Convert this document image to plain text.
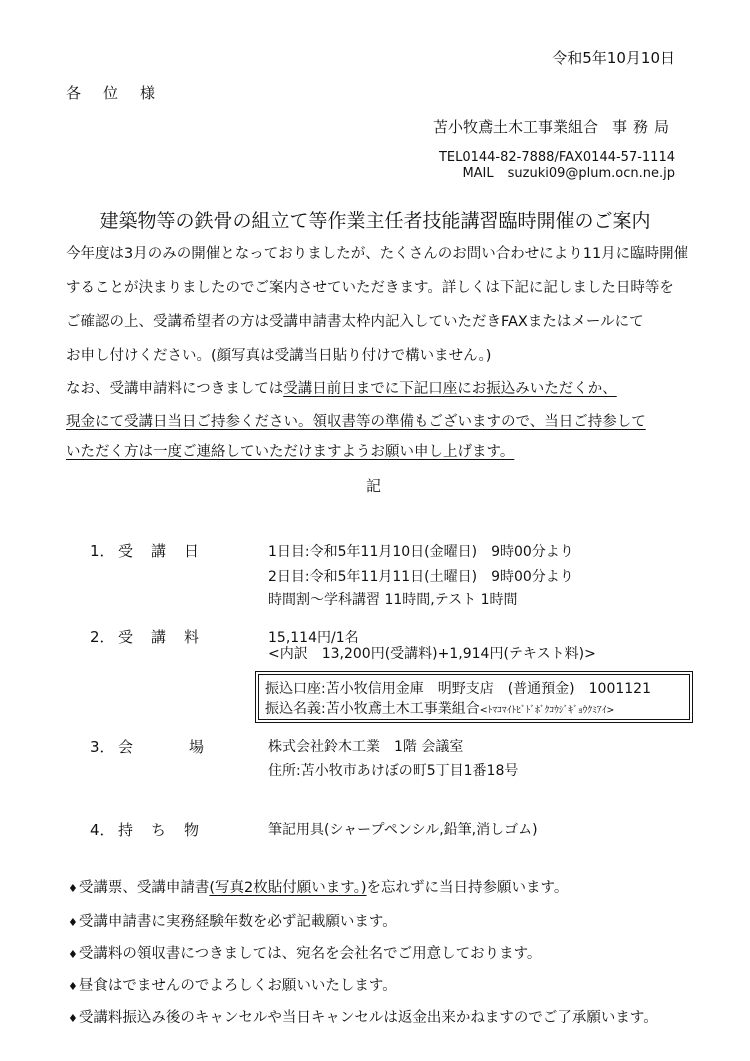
令和5年10月10日
各位様
苫小牧鳶土木工事業組合 事務局
TEL0144-82-7888/FAX0144-57-1114
MAIL suzuki09@plum.ocn.ne.jp
建築物等の鉄骨の組立て等作業主任者技能講習臨時開催のご案内
今年度は3月のみの開催となっておりましたが、たくさんのお問い合わせにより11月に臨時開催
することが決まりましたのでご案内させていただきます。詳しくは下記に記しました日時等を
ご確認の上、受講希望者の方は受講申請書太枠内記入していただきFAXまたはメールにて
お申し付けください。(顔写真は受講当日貼り付けで構いません。)
なお、受講申請料につきましては受講日前日までに下記口座にお振込みいただくか、
現金にて受講日当日ご持参ください。領収書等の準備もございますので、当日ご持参して
いただく方は一度ご連絡していただけますようお願い申し上げます。
記
1． 受講日	1日目:令和5年11月10日(金曜日)　9時00分より
2日目:令和5年11月11日(土曜日)　9時00分より
時間割～学科講習 11時間,テスト 1時間
2． 受講料	15,114円/1名
<内訳　13,200円(受講料)+1,914円(テキスト料)>
振込口座:苫小牧信用金庫　明野支店　(普通預金)　1001121
振込名義:苫小牧鳶土木工事業組合<ﾄﾏｺﾏｲﾄﾋﾞﾄﾞﾎﾞｸｺｳｼﾞｷﾞｮｳｸﾐｱｲ>
3． 会場 株式会社鈴木工業　1階 会議室
住所:苫小牧市あけぼの町5丁目1番18号
4． 持ち物	筆記用具(シャープペンシル,鉛筆,消しゴム)
♦受講票、受講申請書(写真2枚貼付願います。)を忘れずに当日持参願います。
♦受講申請書に実務経験年数を必ず記載願います。
♦受講料の領収書につきましては、宛名を会社名でご用意しております。
♦昼食はでませんのでよろしくお願いいたします。
♦受講料振込み後のキャンセルや当日キャンセルは返金出来かねますのでご了承願います。
